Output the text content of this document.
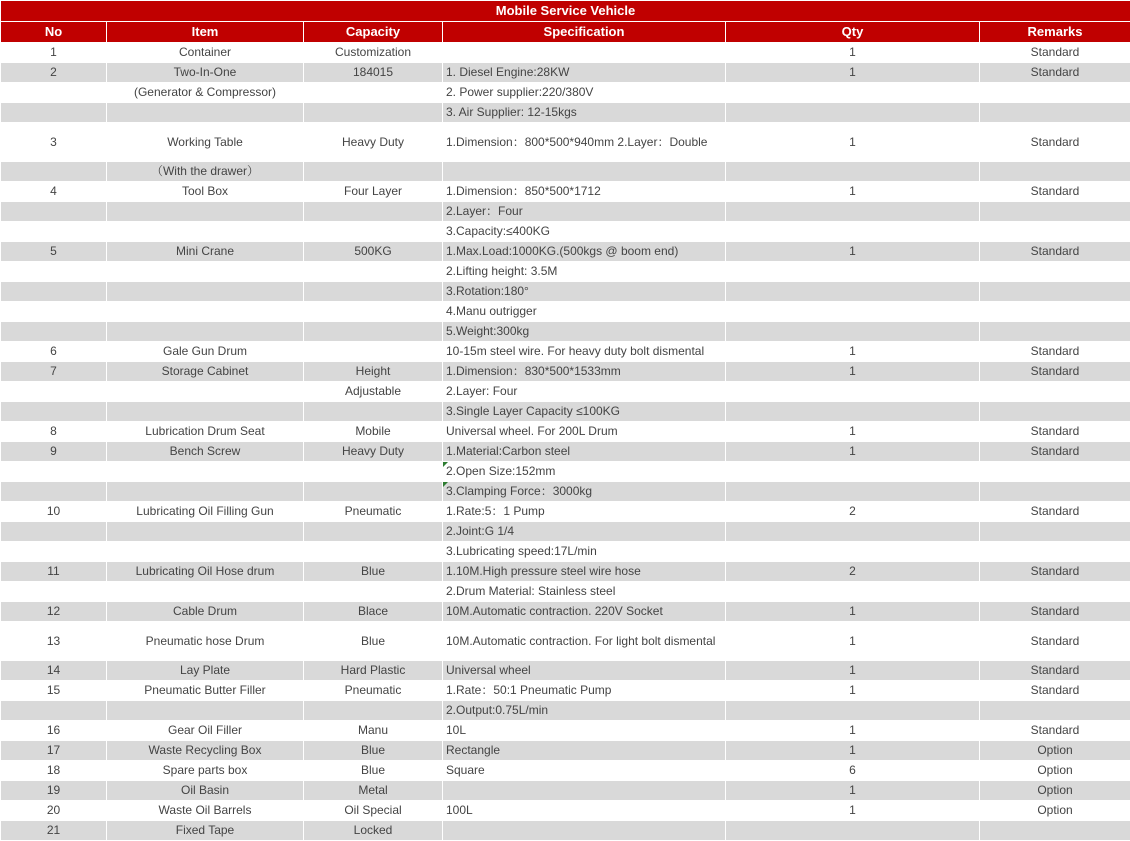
Mobile Service Vehicle					
No	Item	Capacity	Specification	Qty	Remarks
1	Container	Customization		1	Standard
2	Two-In-One	184015	1. Diesel Engine:28KW	1	Standard
	(Generator & Compressor)		2. Power supplier:220/380V		
			3. Air Supplier: 12-15kgs		
3	Working Table	Heavy Duty	1.Dimension：800*500*940mm 2.Layer：Double	1	Standard
	（With the drawer）				
4	Tool Box	Four Layer	1.Dimension：850*500*1712	1	Standard
			2.Layer：Four		
			3.Capacity:≤400KG		
5	Mini Crane	500KG	1.Max.Load:1000KG.(500kgs @ boom end)	1	Standard
			2.Lifting height: 3.5M		
			3.Rotation:180°		
			4.Manu outrigger		
			5.Weight:300kg		
6	Gale Gun Drum		10-15m steel wire. For heavy duty bolt dismental	1	Standard
7	Storage Cabinet	Height	1.Dimension：830*500*1533mm	1	Standard
		Adjustable	2.Layer: Four		
			3.Single Layer Capacity ≤100KG		
8	Lubrication Drum Seat	Mobile	Universal wheel. For 200L Drum	1	Standard
9	Bench Screw	Heavy Duty	1.Material:Carbon steel	1	Standard
			2.Open Size:152mm		
			3.Clamping Force：3000kg		
10	Lubricating Oil Filling Gun	Pneumatic	1.Rate:5：1 Pump	2	Standard
			2.Joint:G 1/4		
			3.Lubricating speed:17L/min		
11	Lubricating Oil Hose drum	Blue	1.10M.High pressure steel wire hose	2	Standard
			2.Drum Material: Stainless steel		
12	Cable Drum	Blace	10M.Automatic contraction. 220V Socket	1	Standard
13	Pneumatic hose Drum	Blue	10M.Automatic contraction. For light bolt dismental	1	Standard
14	Lay Plate	Hard Plastic	Universal wheel	1	Standard
15	Pneumatic Butter Filler	Pneumatic	1.Rate：50:1 Pneumatic Pump	1	Standard
			2.Output:0.75L/min		
16	Gear Oil Filler	Manu	10L	1	Standard
17	Waste Recycling Box	Blue	Rectangle	1	Option
18	Spare parts box	Blue	Square	6	Option
19	Oil Basin	Metal		1	Option
20	Waste Oil Barrels	Oil Special	100L	1	Option
21	Fixed Tape	Locked			
